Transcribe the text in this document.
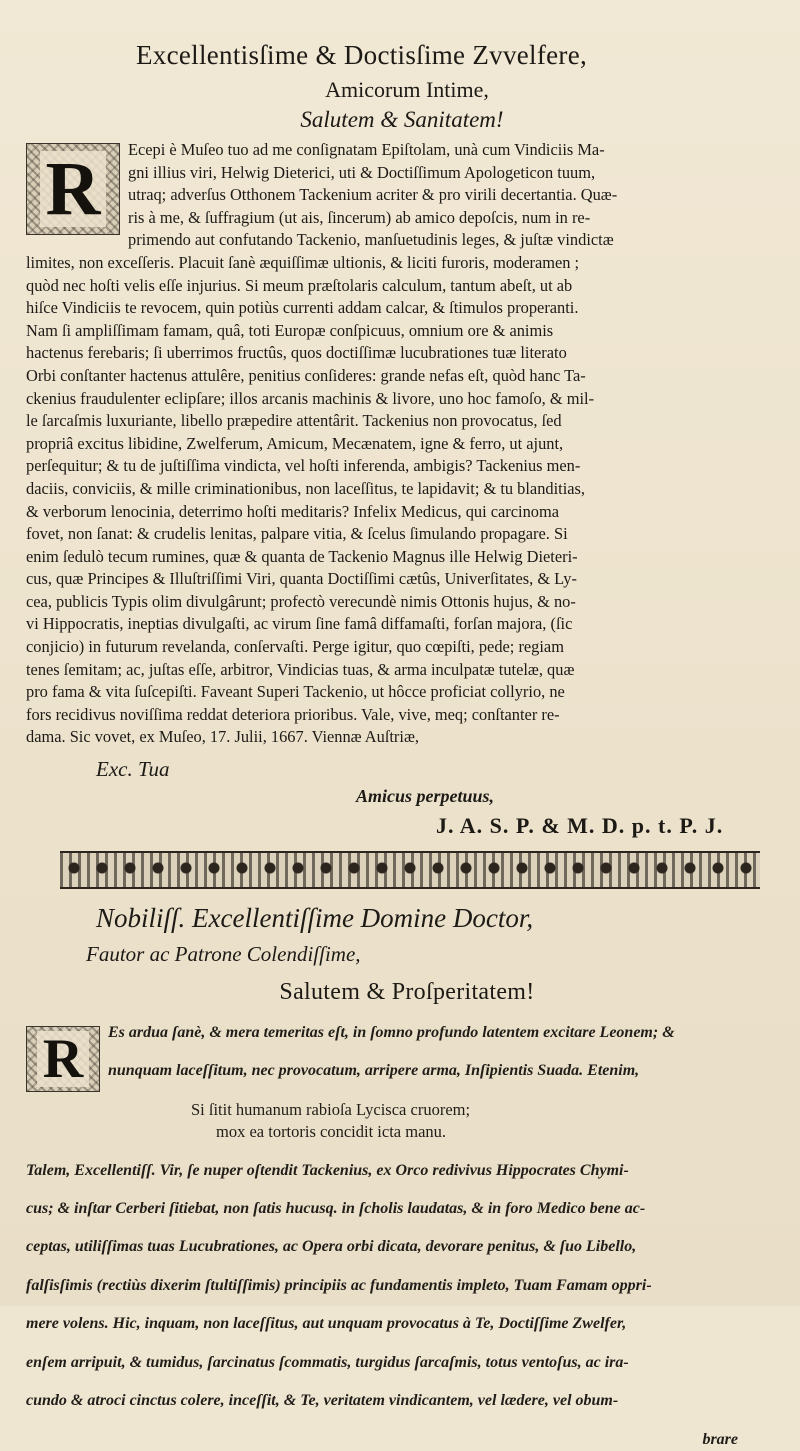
Excellentisſime & Doctisſime Zvvelfere,
Amicorum Intime,
Salutem & Sanitatem!
R	Ecepi è Muſeo tuo ad me conſignatam Epiſtolam, unà cum Vindiciis Ma-

gni illius viri, Helwig Dieterici, uti & Doctiſſimum Apologeticon tuum,

utraq; adverſus Otthonem Tackenium acriter & pro virili decertantia. Quæ-

ris à me, & ſuffragium (ut ais, ſincerum) ab amico depoſcis, num in re-

primendo aut confutando Tackenio, manſuetudinis leges, & juſtæ vindictæ

limites, non exceſſeris. Placuit ſanè æquiſſimæ ultionis, & liciti furoris, moderamen ;

quòd nec hoſti velis eſſe injurius. Si meum præſtolaris calculum, tantum abeſt, ut ab

hiſce Vindiciis te revocem, quin potiùs currenti addam calcar, & ſtimulos properanti.

Nam ſi ampliſſimam famam, quâ, toti Europæ conſpicuus, omnium ore & animis

hactenus ferebaris; ſi uberrimos fructûs, quos doctiſſimæ lucubrationes tuæ literato

Orbi conſtanter hactenus attulêre, penitius conſideres: grande nefas eſt, quòd hanc Ta-

ckenius fraudulenter eclipſare; illos arcanis machinis & livore, uno hoc famoſo, & mil-

le ſarcaſmis luxuriante, libello præpedire attentârit. Tackenius non provocatus, ſed

propriâ excitus libidine, Zwelferum, Amicum, Mecænatem, igne & ferro, ut ajunt,

perſequitur; & tu de juſtiſſima vindicta, vel hoſti inferenda, ambigis? Tackenius men-

daciis, conviciis, & mille criminationibus, non laceſſitus, te lapidavit; & tu blanditias,

& verborum lenocinia, deterrimo hoſti meditaris? Infelix Medicus, qui carcinoma

fovet, non ſanat: & crudelis lenitas, palpare vitia, & ſcelus ſimulando propagare. Si

enim ſedulò tecum rumines, quæ & quanta de Tackenio Magnus ille Helwig Dieteri-

cus, quæ Principes & Illuſtriſſimi Viri, quanta Doctiſſimi cætûs, Univerſitates, & Ly-

cea, publicis Typis olim divulgârunt; profectò verecundè nimis Ottonis hujus, & no-

vi Hippocratis, ineptias divulgaſti, ac virum ſine famâ diffamaſti, forſan majora, (ſic

conjicio) in futurum revelanda, conſervaſti. Perge igitur, quo cœpiſti, pede; regiam

tenes ſemitam; ac, juſtas eſſe, arbitror, Vindicias tuas, & arma inculpatæ tutelæ, quæ

pro fama & vita ſuſcepiſti. Faveant Superi Tackenio, ut hôcce proficiat collyrio, ne

fors recidivus noviſſima reddat deteriora prioribus. Vale, vive, meq; conſtanter re-

dama. Sic vovet, ex Muſeo, 17. Julii, 1667. Viennæ Auſtriæ,

Exc. Tua
Amicus perpetuus,
J. A. S. P. & M. D. p. t. P. J.
Nobiliſſ. Excellentiſſime Domine Doctor,
Fautor ac Patrone Colendiſſime,
Salutem & Proſperitatem!
R	Es ardua ſanè, & mera temeritas eſt, in ſomno profundo latentem excitare Leonem; &

nunquam laceſſitum, nec provocatum, arripere arma, Inſipientis Suada. Etenim,

Si ſitit humanum rabioſa Lycisca cruorem;
mox ea tortoris concidit ictа manu.

Talem, Excellentiſſ. Vir, ſe nuper oſtendit Tackenius, ex Orco redivivus Hippocrates Chymi-

cus; & inſtar Cerberi ſitiebat, non ſatis hucusq. in ſcholis laudatas, & in foro Medico bene ac-

ceptas, utiliſſimas tuas Lucubrationes, ac Opera orbi dicata, devorare penitus, & ſuo Libello,

falſisſimis (rectiùs dixerim ſtultiſſimis) principiis ac fundamentis impleto, Tuam Famam oppri-

mere volens. Hic, inquam, non laceſſitus, aut unquam provocatus à Te, Doctiſſime Zwelfer,

enſem arripuit, & tumidus, ſarcinatus ſcommatis, turgidus ſarcaſmis, totus ventoſus, ac ira-

cundo & atroci cinctus colere, inceſſit, & Te, veritatem vindicantem, vel lædere, vel obum-

brare
